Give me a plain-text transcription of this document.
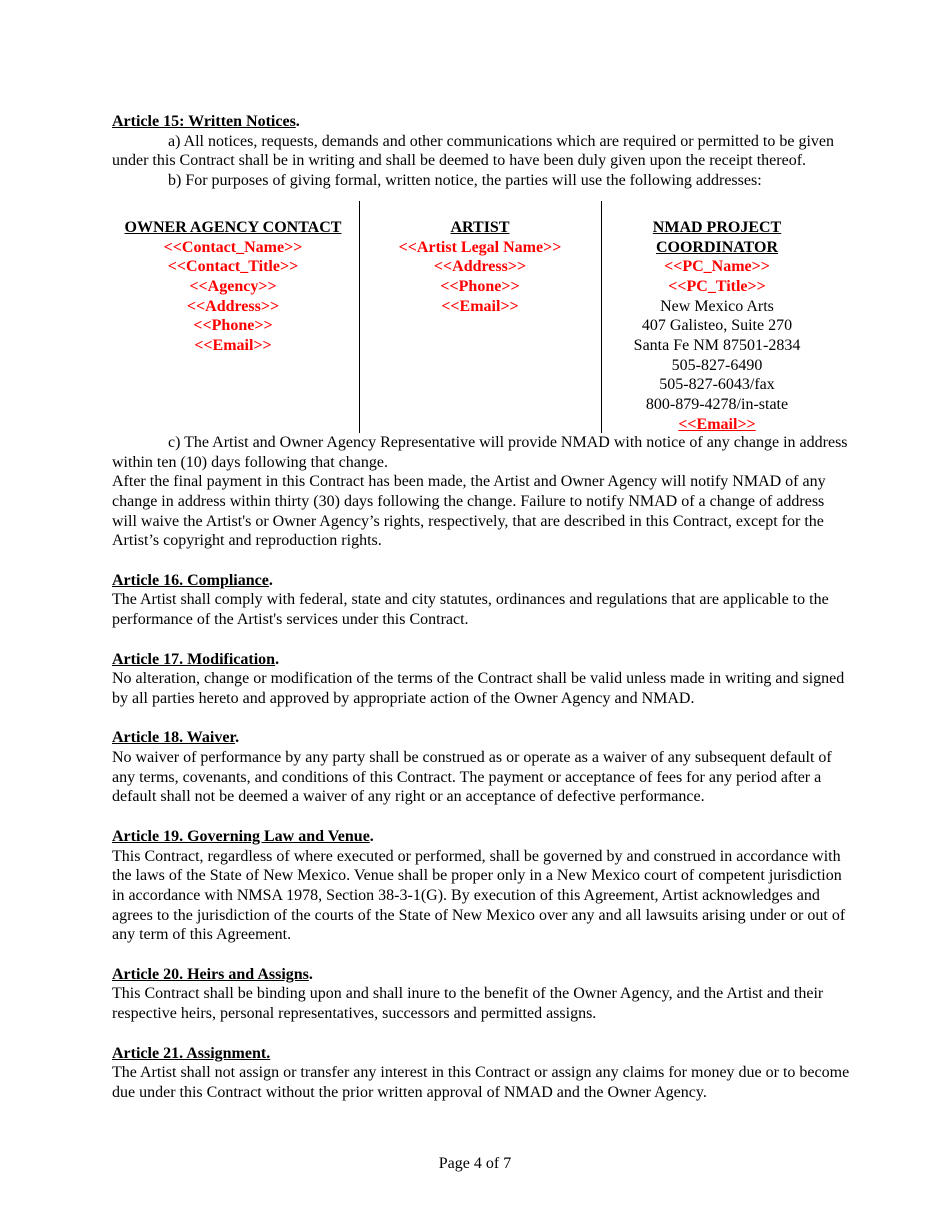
Article 15: Written Notices.

a) All notices, requests, demands and other communications which are required or permitted to be given under this Contract shall be in writing and shall be deemed to have been duly given upon the receipt thereof.

b) For purposes of giving formal, written notice, the parties will use the following addresses:

OWNER AGENCY CONTACT
<<Contact_Name>>
<<Contact_Title>>
<<Agency>>
<<Address>>
<<Phone>>
<<Email>>
ARTIST
<<Artist Legal Name>>
<<Address>>
<<Phone>>
<<Email>>
NMAD PROJECT
COORDINATOR
<<PC_Name>>
<<PC_Title>>
New Mexico Arts
407 Galisteo, Suite 270
Santa Fe NM 87501-2834
505-827-6490
505-827-6043/fax
800-879-4278/in-state
<<Email>>

c) The Artist and Owner Agency Representative will provide NMAD with notice of any change in address within ten (10) days following that change.

After the final payment in this Contract has been made, the Artist and Owner Agency will notify NMAD of any change in address within thirty (30) days following the change. Failure to notify NMAD of a change of address will waive the Artist's or Owner Agency’s rights, respectively, that are described in this Contract, except for the Artist’s copyright and reproduction rights.

Article 16. Compliance.

The Artist shall comply with federal, state and city statutes, ordinances and regulations that are applicable to the performance of the Artist's services under this Contract.

Article 17. Modification.

No alteration, change or modification of the terms of the Contract shall be valid unless made in writing and signed by all parties hereto and approved by appropriate action of the Owner Agency and NMAD.

Article 18. Waiver.

No waiver of performance by any party shall be construed as or operate as a waiver of any subsequent default of any terms, covenants, and conditions of this Contract. The payment or acceptance of fees for any period after a default shall not be deemed a waiver of any right or an acceptance of defective performance.

Article 19. Governing Law and Venue.

This Contract, regardless of where executed or performed, shall be governed by and construed in accordance with the laws of the State of New Mexico. Venue shall be proper only in a New Mexico court of competent jurisdiction in accordance with NMSA 1978, Section 38-3-1(G). By execution of this Agreement, Artist acknowledges and agrees to the jurisdiction of the courts of the State of New Mexico over any and all lawsuits arising under or out of any term of this Agreement.

Article 20. Heirs and Assigns.

This Contract shall be binding upon and shall inure to the benefit of the Owner Agency, and the Artist and their respective heirs, personal representatives, successors and permitted assigns.

Article 21. Assignment.

The Artist shall not assign or transfer any interest in this Contract or assign any claims for money due or to become due under this Contract without the prior written approval of NMAD and the Owner Agency.

Page 4 of 7
